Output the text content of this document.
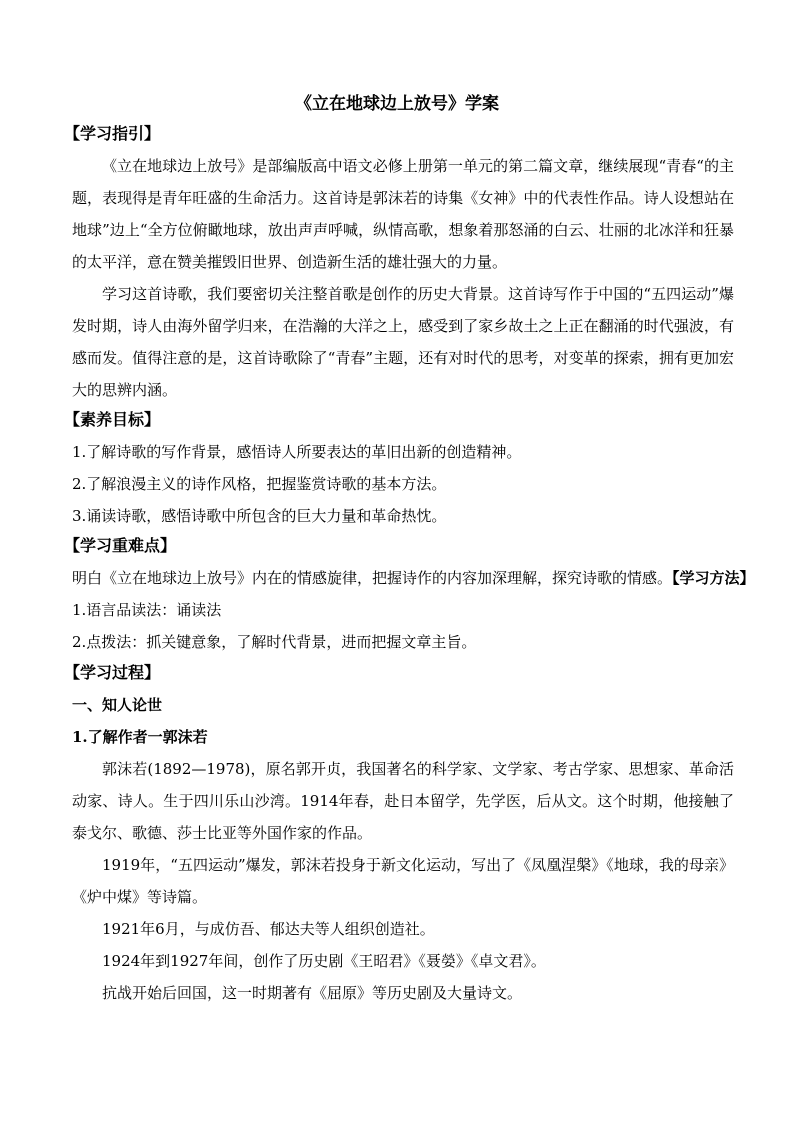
《立在地球边上放号》学案
【学习指引】

《立在地球边上放号》是部编版高中语文必修上册第一单元的第二篇文章，继续展现“青春“的主题，表现得是青年旺盛的生命活力。这首诗是郭沫若的诗集《女神》中的代表性作品。诗人设想站在地球”边上“全方位俯瞰地球，放出声声呼喊，纵情高歌，想象着那怒涌的白云、壮丽的北冰洋和狂暴的太平洋，意在赞美摧毁旧世界、创造新生活的雄壮强大的力量。

学习这首诗歌，我们要密切关注整首歌是创作的历史大背景。这首诗写作于中国的“五四运动”爆发时期，诗人由海外留学归来，在浩瀚的大洋之上，感受到了家乡故土之上正在翻涌的时代强波，有感而发。值得注意的是，这首诗歌除了“青春”主题，还有对时代的思考，对变革的探索，拥有更加宏大的思辨内涵。

【素养目标】

1.了解诗歌的写作背景，感悟诗人所要表达的革旧出新的创造精神。

2.了解浪漫主义的诗作风格，把握鉴赏诗歌的基本方法。

3.诵读诗歌，感悟诗歌中所包含的巨大力量和革命热忱。

【学习重难点】

明白《立在地球边上放号》内在的情感旋律，把握诗作的内容加深理解，探究诗歌的情感。【学习方法】

1.语言品读法：诵读法

2.点拨法：抓关键意象，了解时代背景，进而把握文章主旨。

【学习过程】
一、知人论世
1.了解作者一郭沫若

郭沫若(1892—1978)，原名郭开贞，我国著名的科学家、文学家、考古学家、思想家、革命活动家、诗人。生于四川乐山沙湾。1914年春，赴日本留学，先学医，后从文。这个时期，他接触了泰戈尔、歌德、莎士比亚等外国作家的作品。

1919年，“五四运动”爆发，郭沫若投身于新文化运动，写出了《凤凰涅槃》《地球，我的母亲》《炉中煤》等诗篇。

1921年6月，与成仿吾、郁达夫等人组织创造社。

1924年到1927年间，创作了历史剧《王昭君》《聂嫈》《卓文君》。

抗战开始后回国，这一时期著有《屈原》等历史剧及大量诗文。
